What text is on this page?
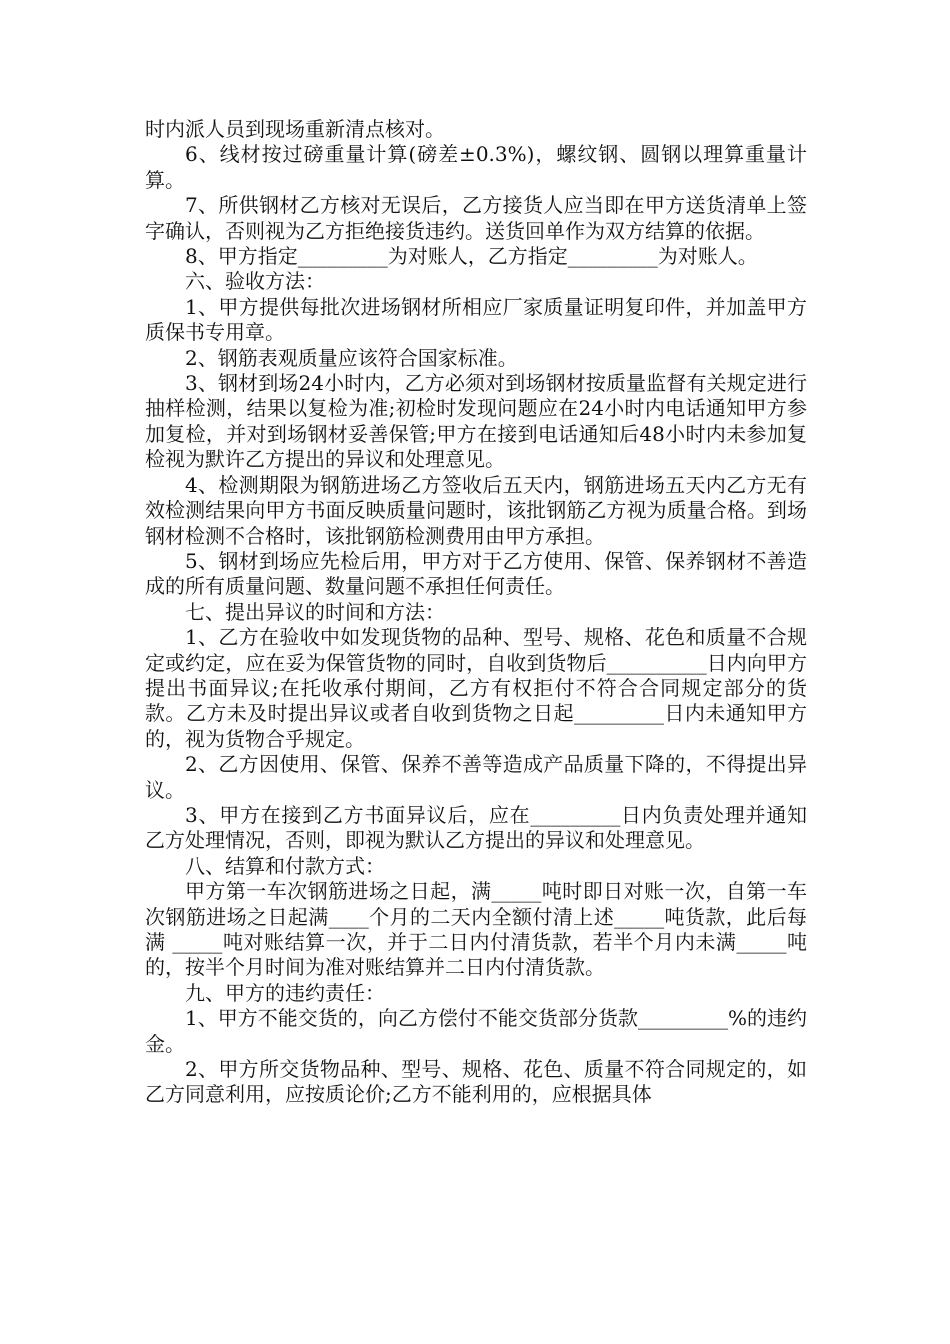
时内派人员到现场重新清点核对。

6、线材按过磅重量计算(磅差±0.3%)，螺纹钢、圆钢以理算重量计算。

7、所供钢材乙方核对无误后，乙方接货人应当即在甲方送货清单上签字确认，否则视为乙方拒绝接货违约。送货回单作为双方结算的依据。

8、甲方指定_________为对账人，乙方指定_________为对账人。

六、验收方法：

1、甲方提供每批次进场钢材所相应厂家质量证明复印件，并加盖甲方质保书专用章。

2、钢筋表观质量应该符合国家标准。

3、钢材到场24小时内，乙方必须对到场钢材按质量监督有关规定进行抽样检测，结果以复检为准;初检时发现问题应在24小时内电话通知甲方参加复检，并对到场钢材妥善保管;甲方在接到电话通知后48小时内未参加复检视为默许乙方提出的异议和处理意见。

4、检测期限为钢筋进场乙方签收后五天内，钢筋进场五天内乙方无有效检测结果向甲方书面反映质量问题时，该批钢筋乙方视为质量合格。到场钢材检测不合格时，该批钢筋检测费用由甲方承担。

5、钢材到场应先检后用，甲方对于乙方使用、保管、保养钢材不善造成的所有质量问题、数量问题不承担任何责任。

七、提出异议的时间和方法：

1、乙方在验收中如发现货物的品种、型号、规格、花色和质量不合规定或约定，应在妥为保管货物的同时，自收到货物后__________日内向甲方提出书面异议;在托收承付期间，乙方有权拒付不符合合同规定部分的货款。乙方未及时提出异议或者自收到货物之日起_________日内未通知甲方的，视为货物合乎规定。

2、乙方因使用、保管、保养不善等造成产品质量下降的，不得提出异议。

3、甲方在接到乙方书面异议后，应在_________日内负责处理并通知乙方处理情况，否则，即视为默认乙方提出的异议和处理意见。

八、结算和付款方式：

甲方第一车次钢筋进场之日起，满_____吨时即日对账一次，自第一车次钢筋进场之日起满____个月的二天内全额付清上述_____吨货款，此后每满 _____吨对账结算一次，并于二日内付清货款，若半个月内未满_____吨的，按半个月时间为准对账结算并二日内付清货款。

九、甲方的违约责任：

1、甲方不能交货的，向乙方偿付不能交货部分货款_________%的违约金。

2、甲方所交货物品种、型号、规格、花色、质量不符合同规定的，如乙方同意利用，应按质论价;乙方不能利用的，应根据具体
